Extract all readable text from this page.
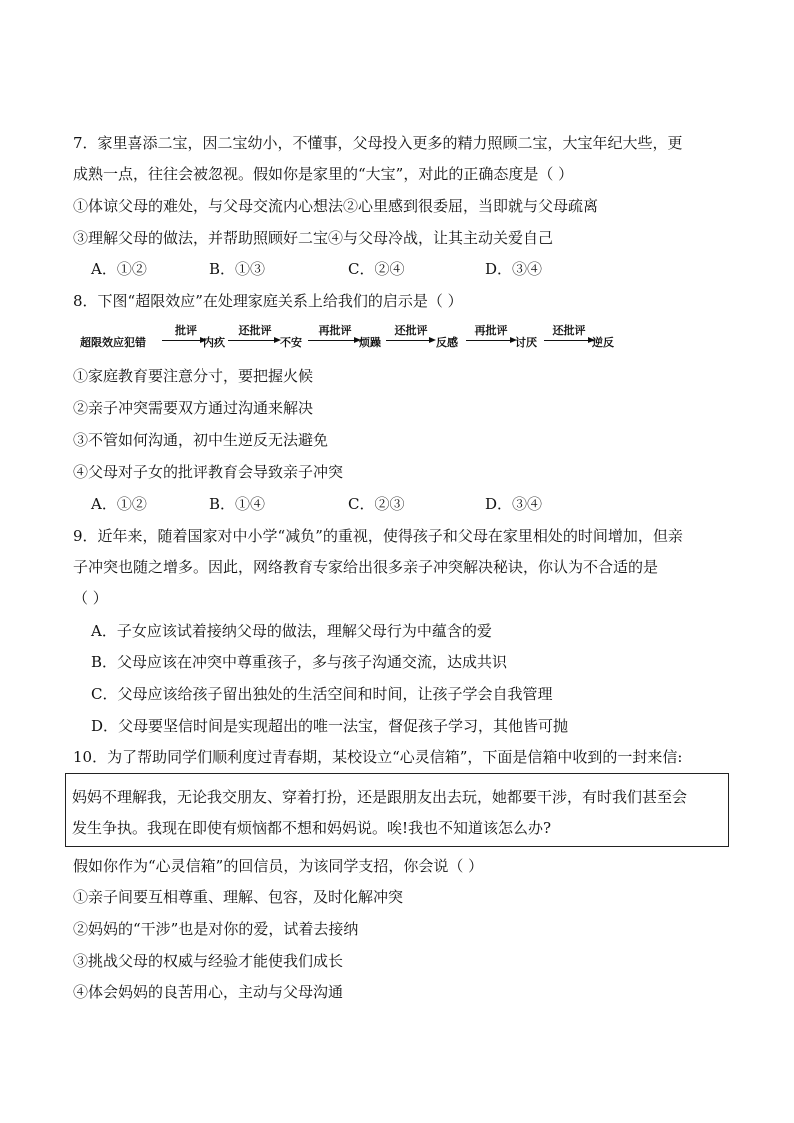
7．家里喜添二宝，因二宝幼小，不懂事，父母投入更多的精力照顾二宝，大宝年纪大些，更
成熟一点，往往会被忽视。假如你是家里的“大宝”，对此的正确态度是（ ）
①体谅父母的难处，与父母交流内心想法②心里感到很委屈，当即就与父母疏离
③理解父母的做法，并帮助照顾好二宝④与父母冷战，让其主动关爱自己
A．①②	B．①③	C．②④	D．③④
8．下图“超限效应”在处理家庭关系上给我们的启示是（ ）
超限效应犯错
批评
内疚
还批评
不安
再批评
烦躁
还批评
反感
再批评
讨厌
还批评
逆反
①家庭教育要注意分寸，要把握火候
②亲子冲突需要双方通过沟通来解决
③不管如何沟通，初中生逆反无法避免
④父母对子女的批评教育会导致亲子冲突
A．①②	B．①④	C．②③	D．③④
9．近年来，随着国家对中小学“减负”的重视，使得孩子和父母在家里相处的时间增加，但亲
子冲突也随之增多。因此，网络教育专家给出很多亲子冲突解决秘诀，你认为不合适的是
（ ）
A．子女应该试着接纳父母的做法，理解父母行为中蕴含的爱
B．父母应该在冲突中尊重孩子，多与孩子沟通交流，达成共识
C．父母应该给孩子留出独处的生活空间和时间，让孩子学会自我管理
D．父母要坚信时间是实现超出的唯一法宝，督促孩子学习，其他皆可抛
10．为了帮助同学们顺利度过青春期，某校设立“心灵信箱”，下面是信箱中收到的一封来信:
妈妈不理解我，无论我交朋友、穿着打扮，还是跟朋友出去玩，她都要干涉，有时我们甚至会
发生争执。我现在即使有烦恼都不想和妈妈说。唉!我也不知道该怎么办?
假如你作为“心灵信箱”的回信员，为该同学支招，你会说（ ）
①亲子间要互相尊重、理解、包容，及时化解冲突
②妈妈的“干涉”也是对你的爱，试着去接纳
③挑战父母的权威与经验才能使我们成长
④体会妈妈的良苦用心，主动与父母沟通
